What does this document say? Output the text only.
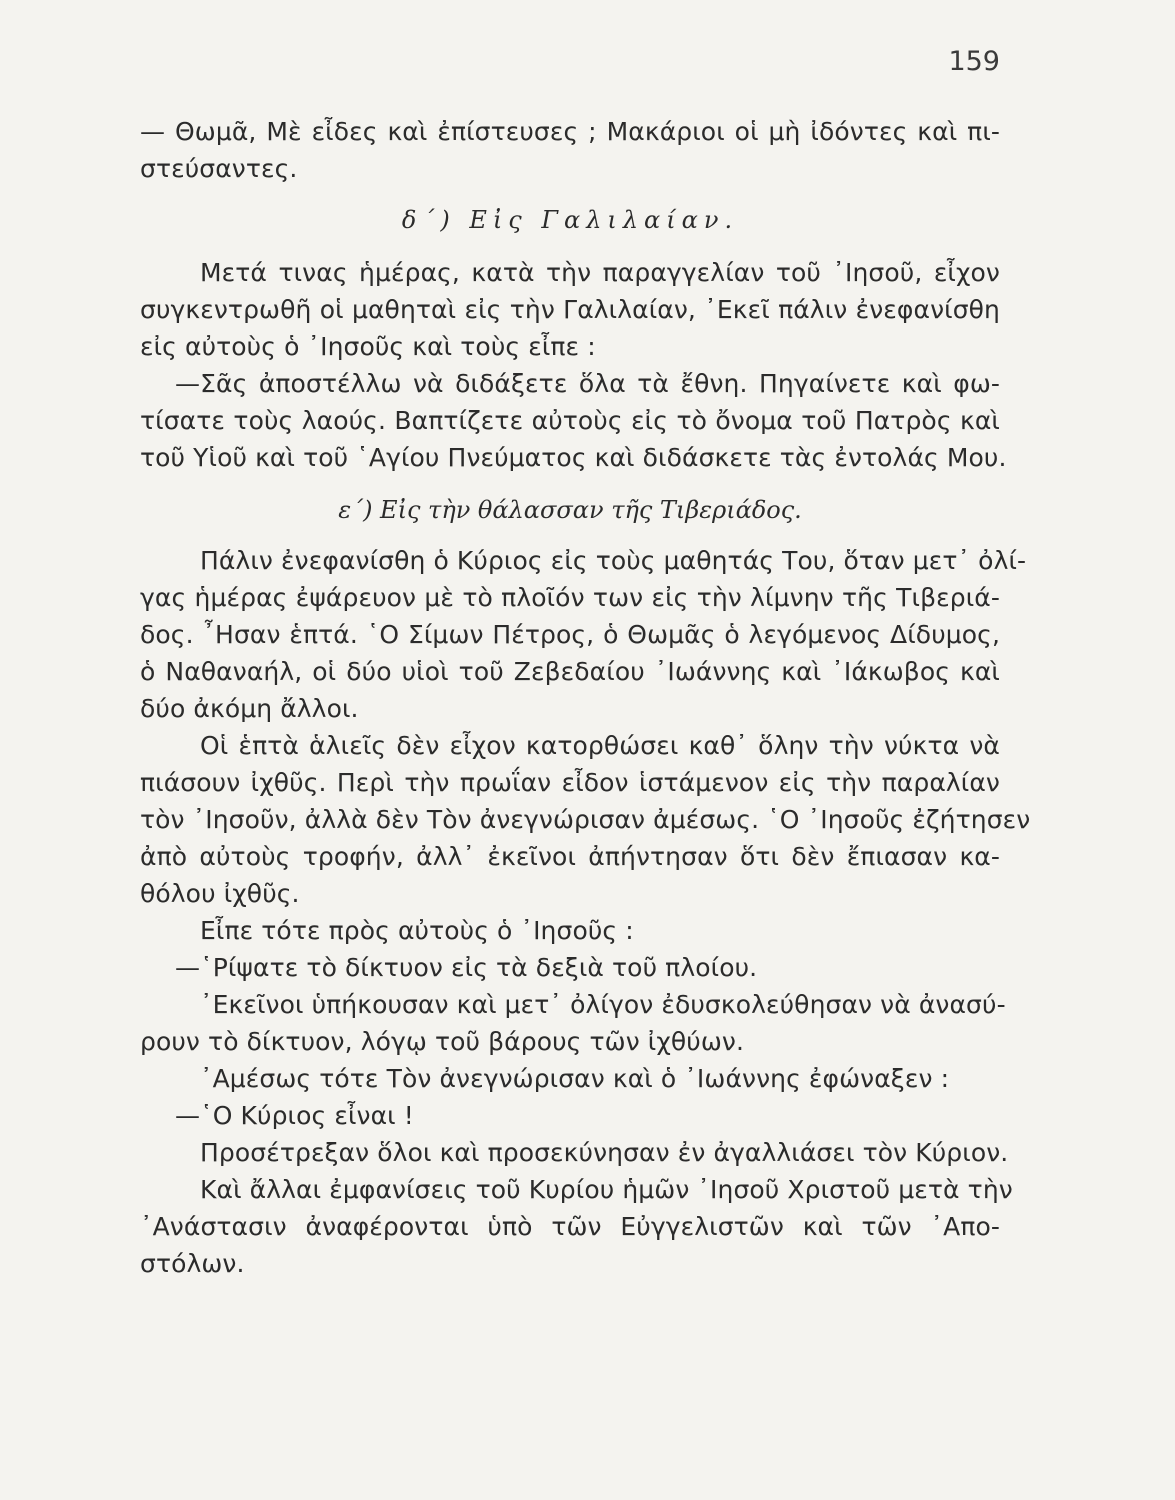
159
— Θωμᾶ, Μὲ εἶδες καὶ ἐπίστευσες ; Μακάριοι οἱ μὴ ἰδόντες καὶ πι-
στεύσαντες.
δ΄) Εἰς Γαλιλαίαν.
Μετά τινας ἡμέρας, κατὰ τὴν παραγγελίαν τοῦ ᾿Ιησοῦ, εἶχον
συγκεντρωθῆ οἱ μαθηταὶ εἰς τὴν Γαλιλαίαν, ᾿Εκεῖ πάλιν ἐνεφανίσθη
εἰς αὐτοὺς ὁ ᾿Ιησοῦς καὶ τοὺς εἶπε :
—Σᾶς ἀποστέλλω νὰ διδάξετε ὅλα τὰ ἔθνη. Πηγαίνετε καὶ φω-
τίσατε τοὺς λαούς. Βαπτίζετε αὐτοὺς εἰς τὸ ὄνομα τοῦ Πατρὸς καὶ
τοῦ Υἱοῦ καὶ τοῦ ῾Αγίου Πνεύματος καὶ διδάσκετε τὰς ἐντολάς Μου.
ε΄) Εἰς τὴν θάλασσαν τῆς Τιβεριάδος.
Πάλιν ἐνεφανίσθη ὁ Κύριος εἰς τοὺς μαθητάς Του, ὅταν μετ᾿ ὀλί-
γας ἡμέρας ἐψάρευον μὲ τὸ πλοῖόν των εἰς τὴν λίμνην τῆς Τιβεριά-
δος. ῏Ησαν ἑπτά. ῾Ο Σίμων Πέτρος, ὁ Θωμᾶς ὁ λεγόμενος Δίδυμος,
ὁ Ναθαναήλ, οἱ δύο υἱοὶ τοῦ Ζεβεδαίου ᾿Ιωάννης καὶ ᾿Ιάκωβος καὶ
δύο ἀκόμη ἄλλοι.
Οἱ ἑπτὰ ἁλιεῖς δὲν εἶχον κατορθώσει καθ᾿ ὅλην τὴν νύκτα νὰ
πιάσουν ἰχθῦς. Περὶ τὴν πρωΐαν εἶδον ἱστάμενον εἰς τὴν παραλίαν
τὸν ᾿Ιησοῦν, ἀλλὰ δὲν Τὸν ἀνεγνώρισαν ἀμέσως. ῾Ο ᾿Ιησοῦς ἐζήτησεν
ἀπὸ αὐτοὺς τροφήν, ἀλλ᾿ ἐκεῖνοι ἀπήντησαν ὅτι δὲν ἔπιασαν κα-
θόλου ἰχθῦς.
Εἶπε τότε πρὸς αὐτοὺς ὁ ᾿Ιησοῦς :
—῾Ρίψατε τὸ δίκτυον εἰς τὰ δεξιὰ τοῦ πλοίου.
᾿Εκεῖνοι ὑπήκουσαν καὶ μετ᾿ ὀλίγον ἐδυσκολεύθησαν νὰ ἀνασύ-
ρουν τὸ δίκτυον, λόγῳ τοῦ βάρους τῶν ἰχθύων.
᾿Αμέσως τότε Τὸν ἀνεγνώρισαν καὶ ὁ ᾿Ιωάννης ἐφώναξεν :
—῾Ο Κύριος εἶναι !
Προσέτρεξαν ὅλοι καὶ προσεκύνησαν ἐν ἀγαλλιάσει τὸν Κύριον.
Καὶ ἄλλαι ἐμφανίσεις τοῦ Κυρίου ἡμῶν ᾿Ιησοῦ Χριστοῦ μετὰ τὴν
᾿Ανάστασιν ἀναφέρονται ὑπὸ τῶν Εὐγγελιστῶν καὶ τῶν ᾿Απο-
στόλων.
